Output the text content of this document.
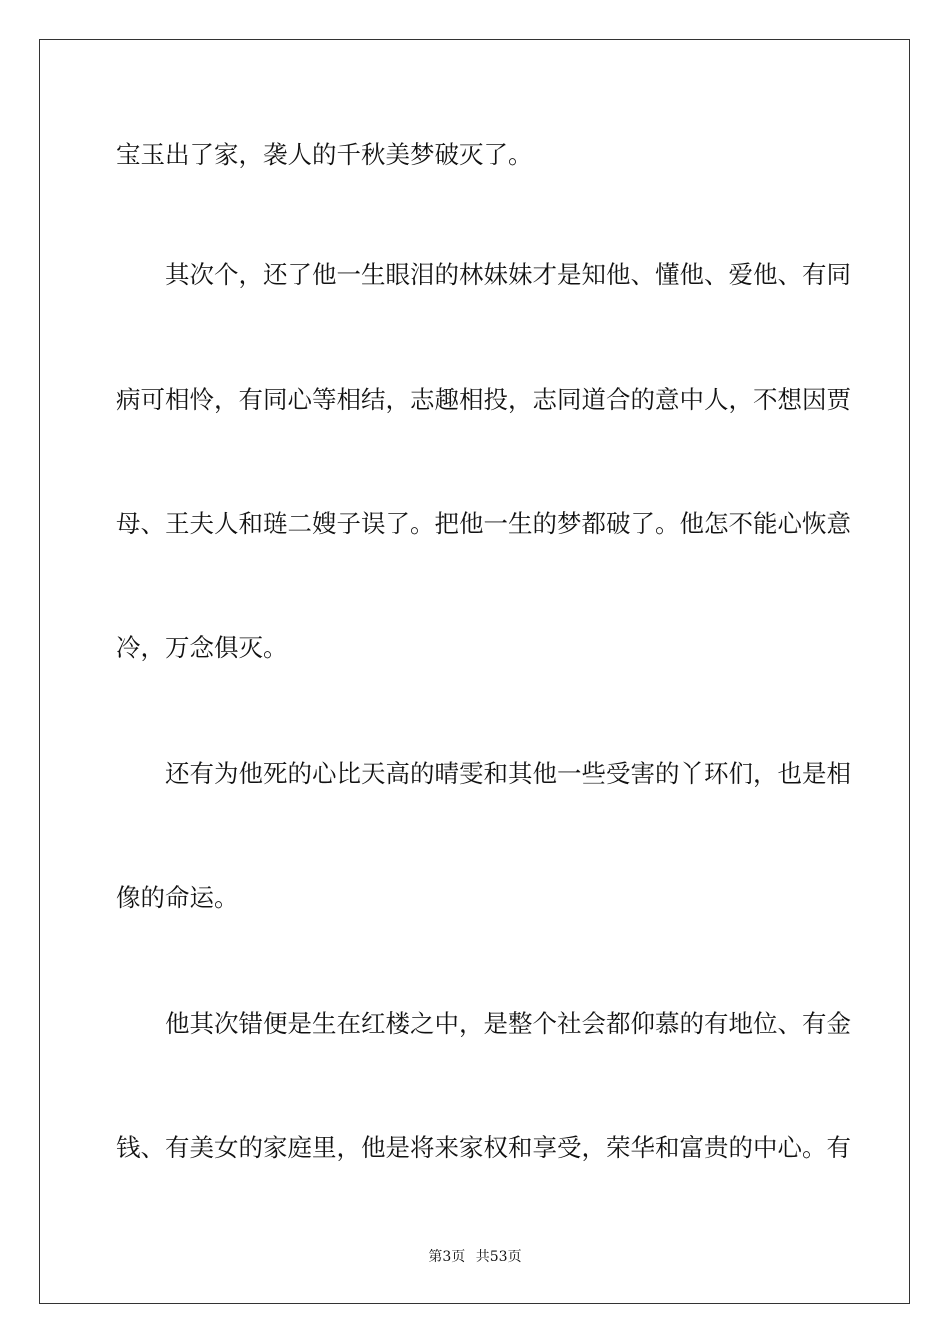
宝玉出了家，袭人的千秋美梦破灭了。

　　其次个，还了他一生眼泪的林妹妹才是知他、懂他、爱他、有同

病可相怜，有同心等相结，志趣相投，志同道合的意中人，不想因贾

母、王夫人和琏二嫂子误了。把他一生的梦都破了。他怎不能心恢意

冷，万念俱灭。

　　还有为他死的心比天高的晴雯和其他一些受害的丫环们，也是相

像的命运。

　　他其次错便是生在红楼之中，是整个社会都仰慕的有地位、有金

钱、有美女的家庭里，他是将来家权和享受，荣华和富贵的中心。有

第3页 共53页
